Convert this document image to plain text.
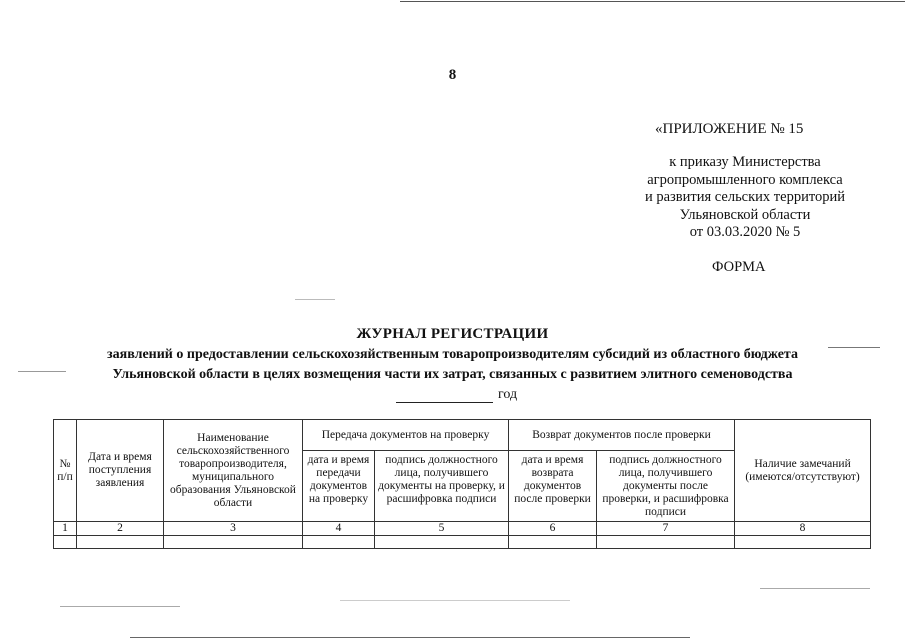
8
«ПРИЛОЖЕНИЕ № 15
к приказу Министерства
агропромышленного комплекса
и развития сельских территорий
Ульяновской области
от 03.03.2020 № 5
ФОРМА
ЖУРНАЛ РЕГИСТРАЦИИ
заявлений о предоставлении сельскохозяйственным товаропроизводителям субсидий из областного бюджета
Ульяновской области в целях возмещения части их затрат, связанных с развитием элитного семеноводства
год
№ п/п	Дата и время поступления заявления	Наименование сельскохозяйственного товаропроизводителя, муниципального образования Ульяновской области	Передача документов на проверку		Возврат документов после проверки		Наличие замечаний (имеются/отсутствуют)
			дата и время передачи документов на проверку	подпись должностного лица, получившего документы на проверку, и расшифровка подписи	дата и время возврата документов после проверки	подпись должностного лица, получившего документы после проверки, и расшифровка подписи	
1	2	3	4	5	6	7	8
